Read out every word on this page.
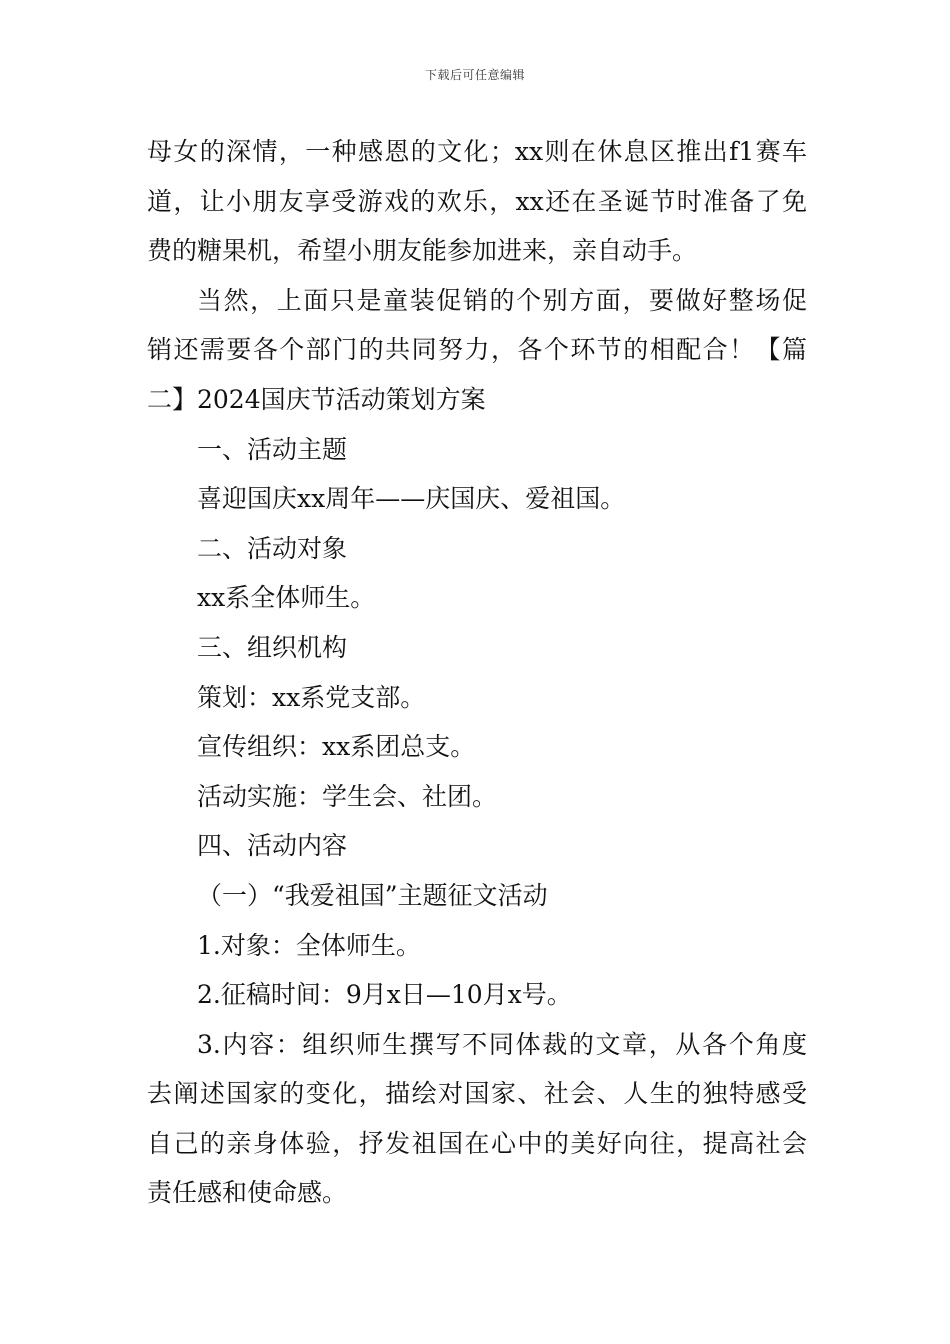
下载后可任意编辑
母女的深情，一种感恩的文化；xx则在休息区推出f1赛车
道，让小朋友享受游戏的欢乐，xx还在圣诞节时准备了免
费的糖果机，希望小朋友能参加进来，亲自动手。
当然，上面只是童装促销的个别方面，要做好整场促
销还需要各个部门的共同努力，各个环节的相配合！【篇
二】2024国庆节活动策划方案
一、活动主题
喜迎国庆xx周年——庆国庆、爱祖国。
二、活动对象
xx系全体师生。
三、组织机构
策划：xx系党支部。
宣传组织：xx系团总支。
活动实施：学生会、社团。
四、活动内容
（一）“我爱祖国”主题征文活动
1.对象：全体师生。
2.征稿时间：9月x日—10月x号。
3.内容：组织师生撰写不同体裁的文章，从各个角度
去阐述国家的变化，描绘对国家、社会、人生的独特感受
自己的亲身体验，抒发祖国在心中的美好向往，提高社会
责任感和使命感。
